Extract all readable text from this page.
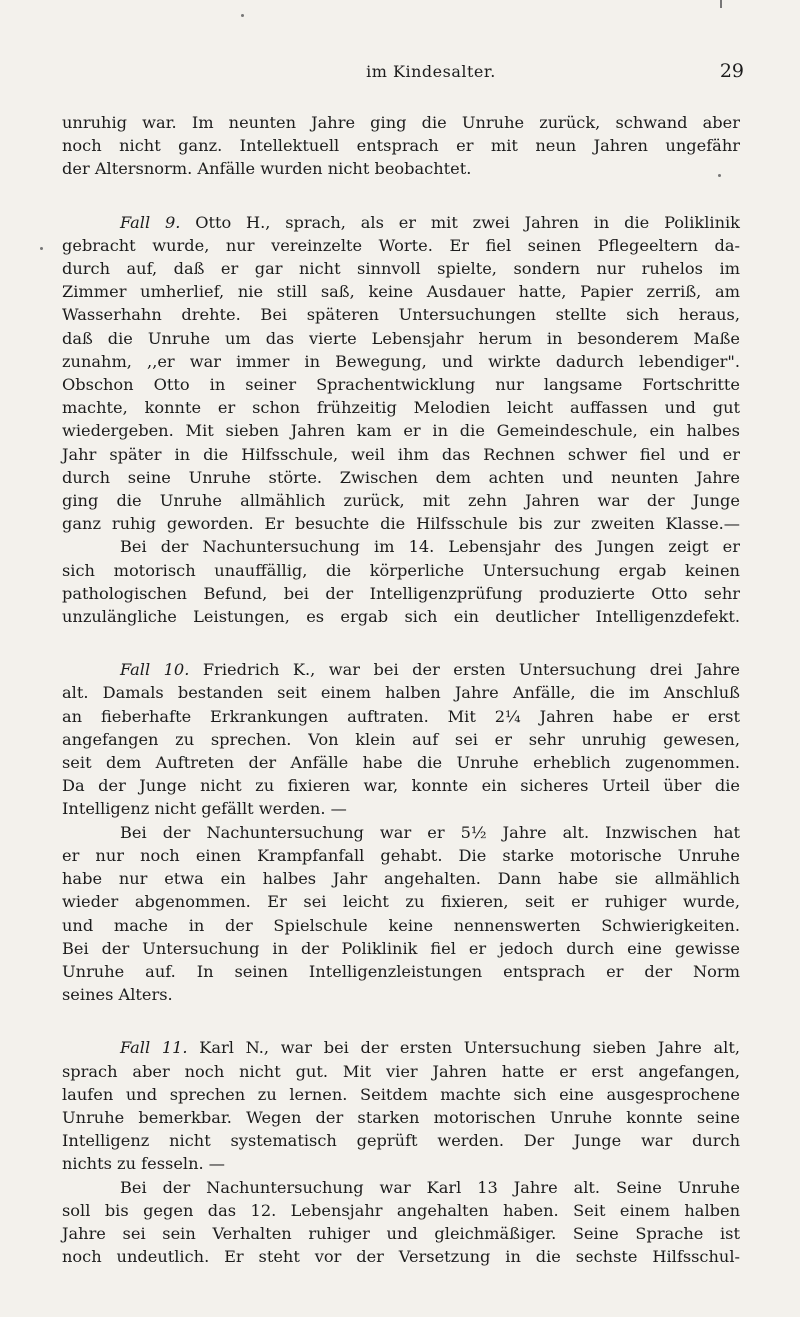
im Kindesalter.	29
unruhig war. Im neunten Jahre ging die Unruhe zurück, schwand aber
noch nicht ganz. Intellektuell entsprach er mit neun Jahren ungefähr
der Altersnorm. Anfälle wurden nicht beobachtet.
Fall 9. Otto H., sprach, als er mit zwei Jahren in die Poliklinik
gebracht wurde, nur vereinzelte Worte. Er fiel seinen Pflegeeltern da-
durch auf, daß er gar nicht sinnvoll spielte, sondern nur ruhelos im
Zimmer umherlief, nie still saß, keine Ausdauer hatte, Papier zerriß, am
Wasserhahn drehte. Bei späteren Untersuchungen stellte sich heraus,
daß die Unruhe um das vierte Lebensjahr herum in besonderem Maße
zunahm, ,,er war immer in Bewegung, und wirkte dadurch lebendiger".
Obschon Otto in seiner Sprachentwicklung nur langsame Fortschritte
machte, konnte er schon frühzeitig Melodien leicht auffassen und gut
wiedergeben. Mit sieben Jahren kam er in die Gemeindeschule, ein halbes
Jahr später in die Hilfsschule, weil ihm das Rechnen schwer fiel und er
durch seine Unruhe störte. Zwischen dem achten und neunten Jahre
ging die Unruhe allmählich zurück, mit zehn Jahren war der Junge
ganz ruhig geworden. Er besuchte die Hilfsschule bis zur zweiten Klasse.—
Bei der Nachuntersuchung im 14. Lebensjahr des Jungen zeigt er
sich motorisch unauffällig, die körperliche Untersuchung ergab keinen
pathologischen Befund, bei der Intelligenzprüfung produzierte Otto sehr
unzulängliche Leistungen, es ergab sich ein deutlicher Intelligenzdefekt.
Fall 10. Friedrich K., war bei der ersten Untersuchung drei Jahre
alt. Damals bestanden seit einem halben Jahre Anfälle, die im Anschluß
an fieberhafte Erkrankungen auftraten. Mit 2¼ Jahren habe er erst
angefangen zu sprechen. Von klein auf sei er sehr unruhig gewesen,
seit dem Auftreten der Anfälle habe die Unruhe erheblich zugenommen.
Da der Junge nicht zu fixieren war, konnte ein sicheres Urteil über die
Intelligenz nicht gefällt werden. —
Bei der Nachuntersuchung war er 5½ Jahre alt. Inzwischen hat
er nur noch einen Krampfanfall gehabt. Die starke motorische Unruhe
habe nur etwa ein halbes Jahr angehalten. Dann habe sie allmählich
wieder abgenommen. Er sei leicht zu fixieren, seit er ruhiger wurde,
und mache in der Spielschule keine nennenswerten Schwierigkeiten.
Bei der Untersuchung in der Poliklinik fiel er jedoch durch eine gewisse
Unruhe auf. In seinen Intelligenzleistungen entsprach er der Norm
seines Alters.
Fall 11. Karl N., war bei der ersten Untersuchung sieben Jahre alt,
sprach aber noch nicht gut. Mit vier Jahren hatte er erst angefangen,
laufen und sprechen zu lernen. Seitdem machte sich eine ausgesprochene
Unruhe bemerkbar. Wegen der starken motorischen Unruhe konnte seine
Intelligenz nicht systematisch geprüft werden. Der Junge war durch
nichts zu fesseln. —
Bei der Nachuntersuchung war Karl 13 Jahre alt. Seine Unruhe
soll bis gegen das 12. Lebensjahr angehalten haben. Seit einem halben
Jahre sei sein Verhalten ruhiger und gleichmäßiger. Seine Sprache ist
noch undeutlich. Er steht vor der Versetzung in die sechste Hilfsschul-
